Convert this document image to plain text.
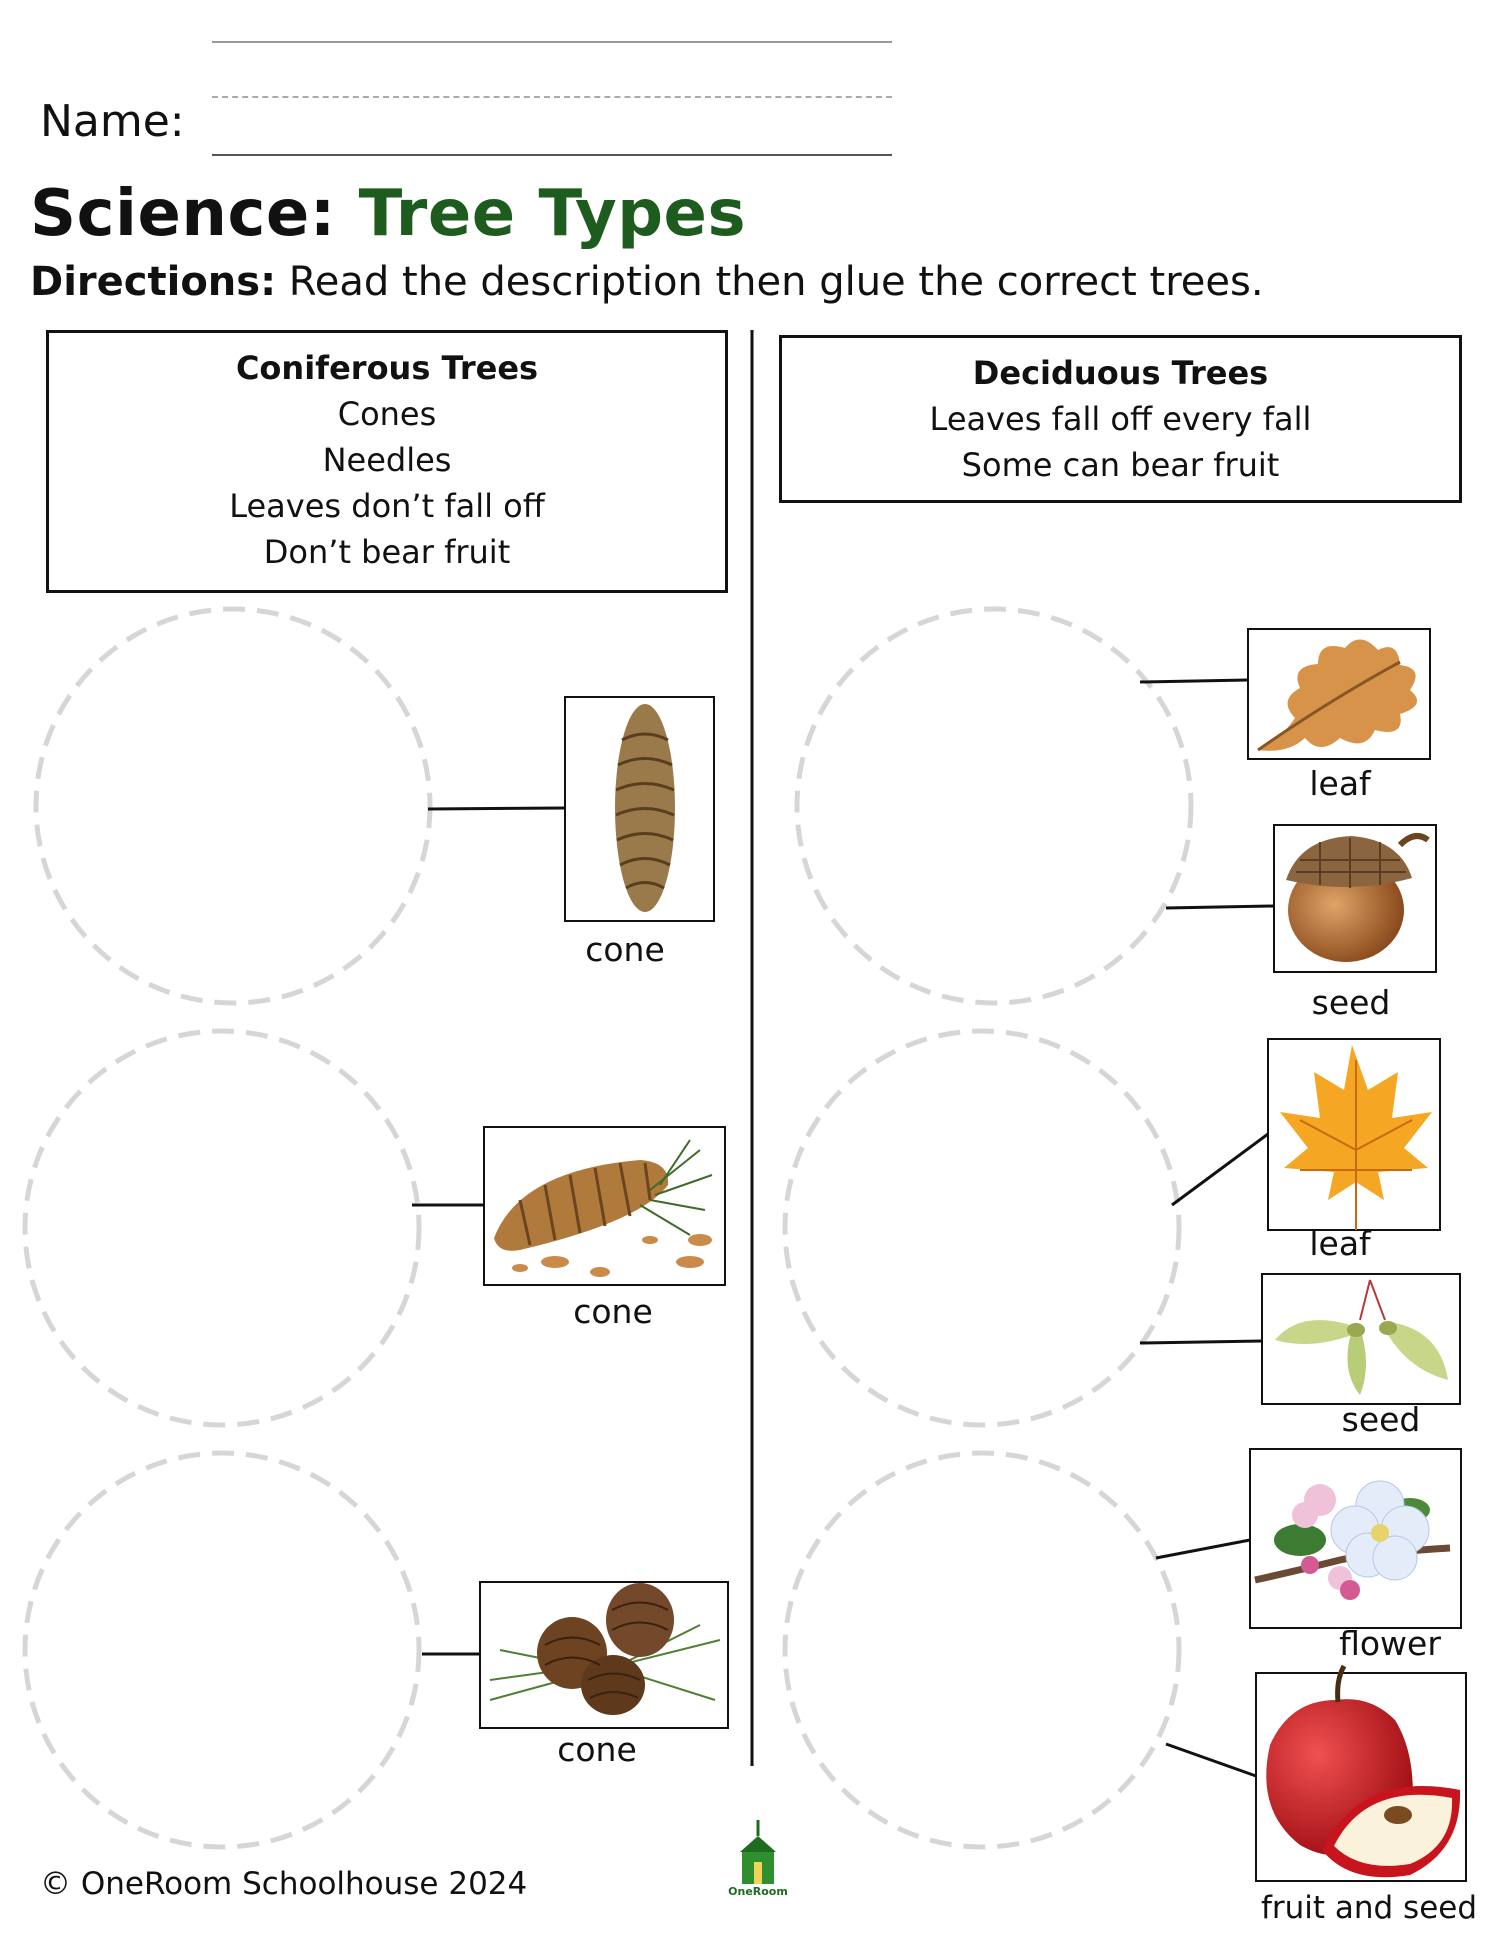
Name:
Science: Tree Types
Directions: Read the description then glue the correct trees.
Coniferous Trees
Cones
Needles
Leaves don’t fall off
Don’t bear fruit
Deciduous Trees
Leaves fall off every fall
Some can bear fruit
OneRoom
cone
cone
cone
leaf
seed
leaf
seed
flower
fruit and seed
© OneRoom Schoolhouse 2024
